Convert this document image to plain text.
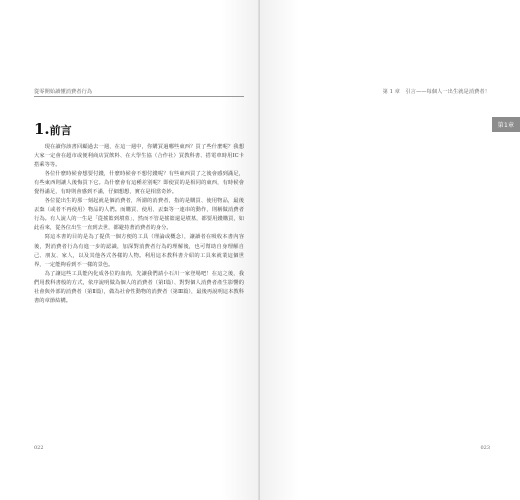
從零開始讀懂消費者行為
1.前言

現在讀你該書回顧過去一週，在這一週中，你購買過哪些東西？買了些什麼呢？我想大家一定會在超市或便利商店買飲料、在大學生協（合作社）買教科書、搭電車時用IC卡搭乘等等。

各位什麼時候會想要付錢，什麼時候會不想付錢呢？有些東西買了之後會感到滿足，有些東西則讓人後悔買下它。為什麼會有這種差別呢？即使買的是相同的東西，有時候會覺得滿足，有時則會感到不滿，仔細想想，實在是相當奇妙。

各位從出生的那一刻起就是個消費者，所謂的消費者，指的是購買、使用物品，最後丟棄（或者不再使用）物品的人們。而購買、使用、丟棄等一連串的動作，則稱做消費者行為。有人說人的一生是「從搖籃到墳墓」，然而不管是搖籃還是墳墓，都要用錢購買，如此看來，從各位出生一直到去世，都避持著消費者的身分。

寫這本書的目的是為了提供一個方便的工具（理論或概念），讓讀者在吸收本書內容後，對消費者行為有進一步的認識，加深對消費者行為的理解後，也可幫助自身理解自己、朋友、家人，以及其他各式各樣的人物。利用這本教科書介紹的工具來就業這個世界，一定能夠看到不一樣的景色。

為了讓這些工具能內化成各位的血肉，先讓我們請小石川一家登場吧！在這之後，我們用教科書般的方式，依序說明做為個人的消費者（第Ⅰ篇）、對對個人消費者產生影響的社會與外部的消費者（第Ⅱ篇），做為社會性動物的消費者（第Ⅲ篇），最後再說明這本教科書的章節結構。

022
第 1 章　引言——每個人一出生就是消費者！

023
第1章
